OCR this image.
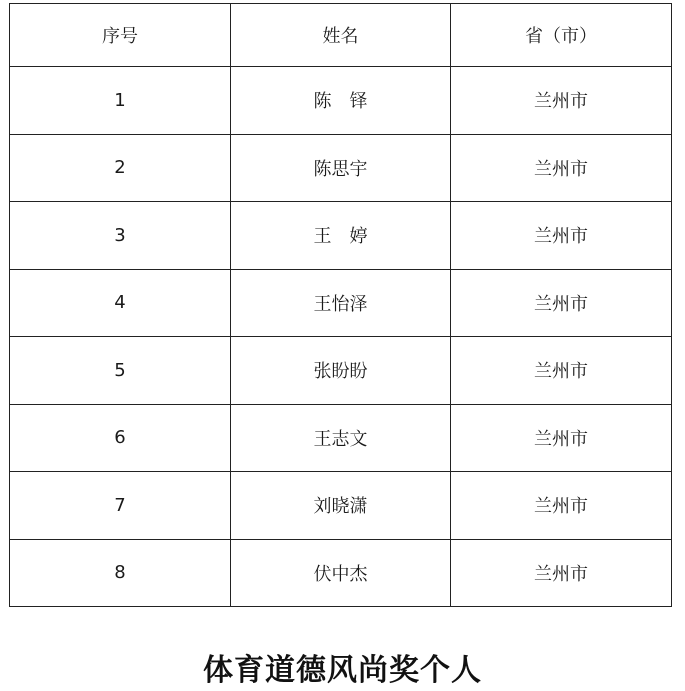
序号	姓名	省（市）
1	陈　铎	兰州市
2	陈思宇	兰州市
3	王　婷	兰州市
4	王怡泽	兰州市
5	张盼盼	兰州市
6	王志文	兰州市
7	刘晓潇	兰州市
8	伏中杰	兰州市
体育道德风尚奖个人
